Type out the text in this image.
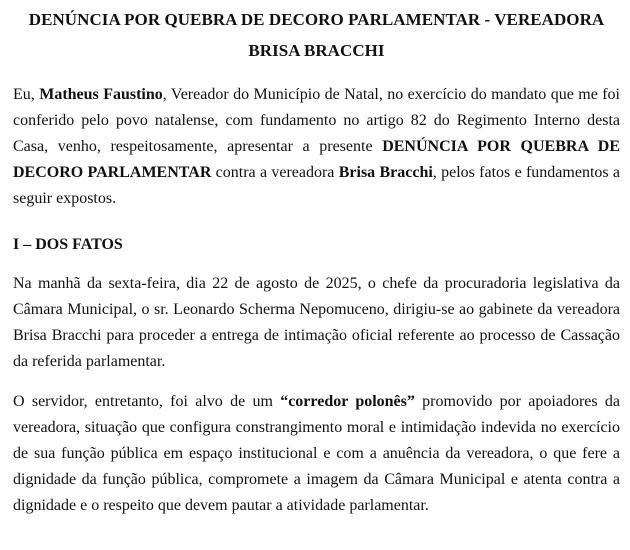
DENÚNCIA POR QUEBRA DE DECORO PARLAMENTAR - VEREADORA BRISA BRACCHI

Eu, Matheus Faustino, Vereador do Município de Natal, no exercício do mandato que me foi conferido pelo povo natalense, com fundamento no artigo 82 do Regimento Interno desta Casa, venho, respeitosamente, apresentar a presente DENÚNCIA POR QUEBRA DE DECORO PARLAMENTAR contra a vereadora Brisa Bracchi, pelos fatos e fundamentos a seguir expostos.

I – DOS FATOS

Na manhã da sexta-feira, dia 22 de agosto de 2025, o chefe da procuradoria legislativa da Câmara Municipal, o sr. Leonardo Scherma Nepomuceno, dirigiu-se ao gabinete da vereadora Brisa Bracchi para proceder a entrega de intimação oficial referente ao processo de Cassação da referida parlamentar.

O servidor, entretanto, foi alvo de um “corredor polonês” promovido por apoiadores da vereadora, situação que configura constrangimento moral e intimidação indevida no exercício de sua função pública em espaço institucional e com a anuência da vereadora, o que fere a dignidade da função pública, compromete a imagem da Câmara Municipal e atenta contra a dignidade e o respeito que devem pautar a atividade parlamentar.
